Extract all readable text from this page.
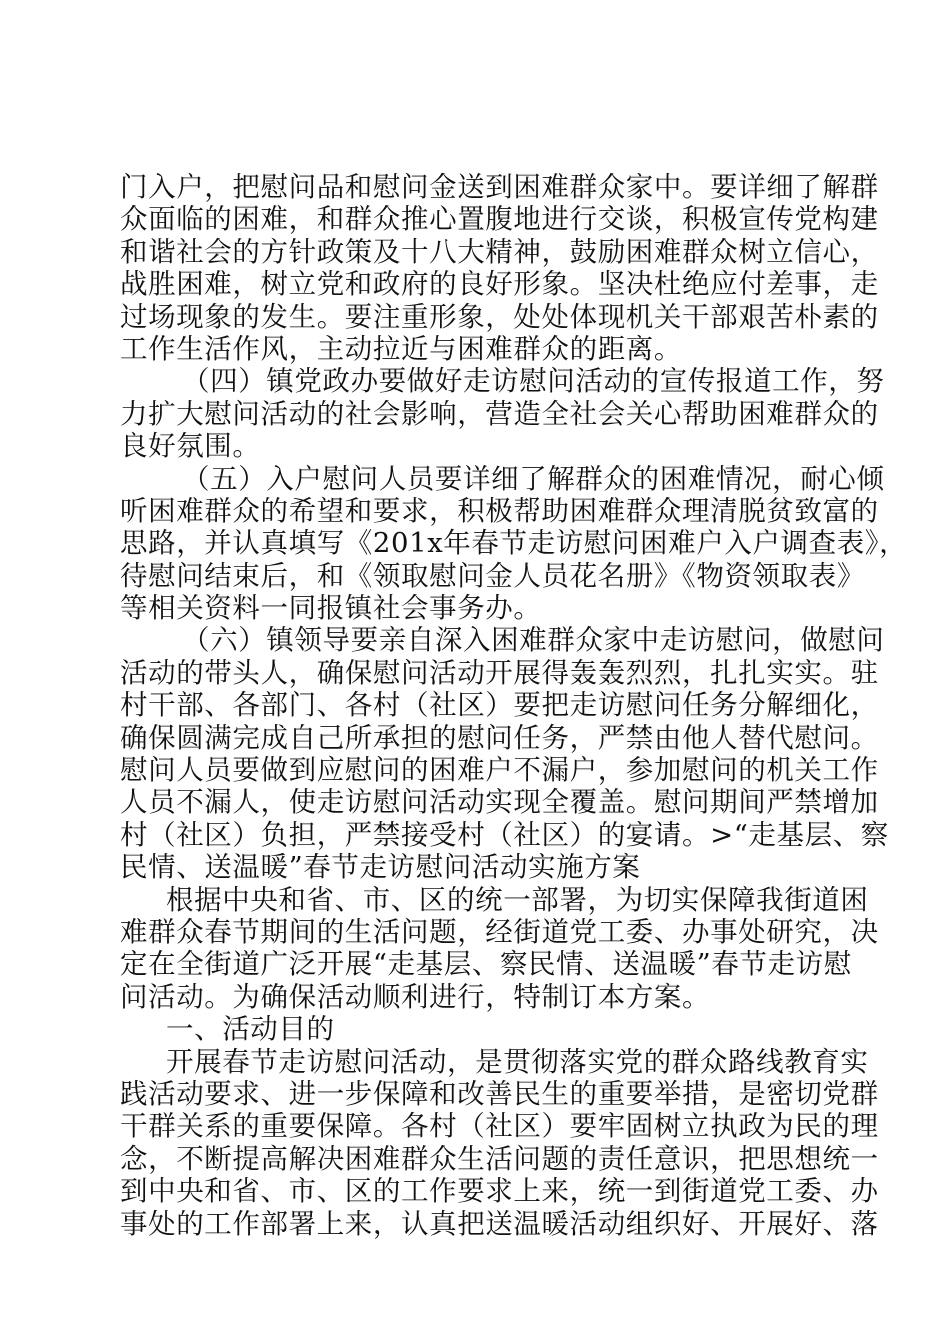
门入户，把慰问品和慰问金送到困难群众家中。要详细了解群
众面临的困难，和群众推心置腹地进行交谈，积极宣传党构建
和谐社会的方针政策及十八大精神，鼓励困难群众树立信心，
战胜困难，树立党和政府的良好形象。坚决杜绝应付差事，走
过场现象的发生。要注重形象，处处体现机关干部艰苦朴素的
工作生活作风，主动拉近与困难群众的距离。
（四）镇党政办要做好走访慰问活动的宣传报道工作，努
力扩大慰问活动的社会影响，营造全社会关心帮助困难群众的
良好氛围。
（五）入户慰问人员要详细了解群众的困难情况，耐心倾
听困难群众的希望和要求，积极帮助困难群众理清脱贫致富的
思路，并认真填写《201x年春节走访慰问困难户入户调查表》，
待慰问结束后，和《领取慰问金人员花名册》《物资领取表》
等相关资料一同报镇社会事务办。
（六）镇领导要亲自深入困难群众家中走访慰问，做慰问
活动的带头人，确保慰问活动开展得轰轰烈烈，扎扎实实。驻
村干部、各部门、各村（社区）要把走访慰问任务分解细化，
确保圆满完成自己所承担的慰问任务，严禁由他人替代慰问。
慰问人员要做到应慰问的困难户不漏户，参加慰问的机关工作
人员不漏人，使走访慰问活动实现全覆盖。慰问期间严禁增加
村（社区）负担，严禁接受村（社区）的宴请。>“走基层、察
民情、送温暖”春节走访慰问活动实施方案
根据中央和省、市、区的统一部署，为切实保障我街道困
难群众春节期间的生活问题，经街道党工委、办事处研究，决
定在全街道广泛开展“走基层、察民情、送温暖”春节走访慰
问活动。为确保活动顺利进行，特制订本方案。
一、活动目的
开展春节走访慰问活动，是贯彻落实党的群众路线教育实
践活动要求、进一步保障和改善民生的重要举措，是密切党群
干群关系的重要保障。各村（社区）要牢固树立执政为民的理
念，不断提高解决困难群众生活问题的责任意识，把思想统一
到中央和省、市、区的工作要求上来，统一到街道党工委、办
事处的工作部署上来，认真把送温暖活动组织好、开展好、落
